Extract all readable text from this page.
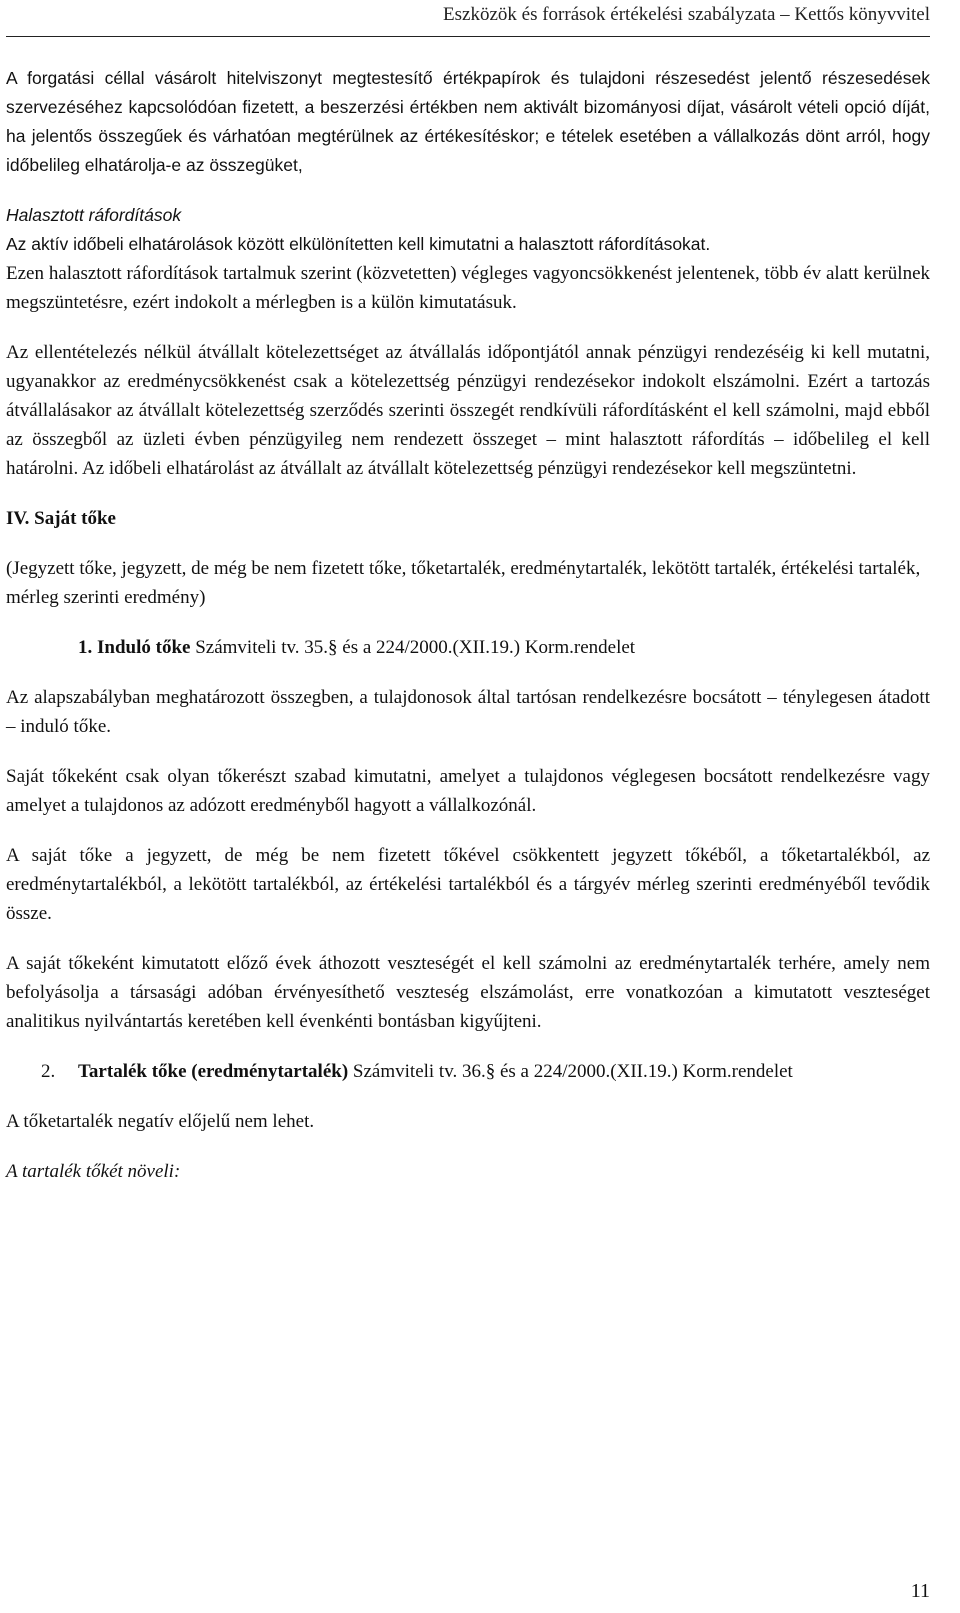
Eszközök és források értékelési szabályzata – Kettős könyvvitel

A forgatási céllal vásárolt hitelviszonyt megtestesítő értékpapírok és tulajdoni részesedést jelentő részesedések szervezéséhez kapcsolódóan fizetett, a beszerzési értékben nem aktivált bizományosi díjat, vásárolt vételi opció díját, ha jelentős összegűek és várhatóan megtérülnek az értékesítéskor; e tételek esetében a vállalkozás dönt arról, hogy időbelileg elhatárolja-e az összegüket,

Halasztott ráfordítások

Az aktív időbeli elhatárolások között elkülönítetten kell kimutatni a halasztott ráfordításokat.

Ezen halasztott ráfordítások tartalmuk szerint (közvetetten) végleges vagyoncsökkenést jelentenek, több év alatt kerülnek megszüntetésre, ezért indokolt a mérlegben is a külön kimutatásuk.

Az ellentételezés nélkül átvállalt kötelezettséget az átvállalás időpontjától annak pénzügyi rendezéséig ki kell mutatni, ugyanakkor az eredménycsökkenést csak a kötelezettség pénzügyi rendezésekor indokolt elszámolni. Ezért a tartozás átvállalásakor az átvállalt kötelezettség szerződés szerinti összegét rendkívüli ráfordításként el kell számolni, majd ebből az összegből az üzleti évben pénzügyileg nem rendezett összeget – mint halasztott ráfordítás – időbelileg el kell határolni. Az időbeli elhatárolást az átvállalt az átvállalt kötelezettség pénzügyi rendezésekor kell megszüntetni.

IV. Saját tőke

(Jegyzett tőke, jegyzett, de még be nem fizetett tőke, tőketartalék, eredménytartalék, lekötött tartalék, értékelési tartalék, mérleg szerinti eredmény)

1. Induló tőke Számviteli tv. 35.§ és a 224/2000.(XII.19.) Korm.rendelet

Az alapszabályban meghatározott összegben, a tulajdonosok által tartósan rendelkezésre bocsátott – ténylegesen átadott – induló tőke.

Saját tőkeként csak olyan tőkerészt szabad kimutatni, amelyet a tulajdonos véglegesen bocsátott rendelkezésre vagy amelyet a tulajdonos az adózott eredményből hagyott a vállalkozónál.

A saját tőke a jegyzett, de még be nem fizetett tőkével csökkentett jegyzett tőkéből, a tőketartalékból, az eredménytartalékból, a lekötött tartalékból, az értékelési tartalékból és a tárgyév mérleg szerinti eredményéből tevődik össze.

A saját tőkeként kimutatott előző évek áthozott veszteségét el kell számolni az eredménytartalék terhére, amely nem befolyásolja a társasági adóban érvényesíthető veszteség elszámolást, erre vonatkozóan a kimutatott veszteséget analitikus nyilvántartás keretében kell évenkénti bontásban kigyűjteni.

2. Tartalék tőke (eredménytartalék) Számviteli tv. 36.§ és a 224/2000.(XII.19.) Korm.rendelet

A tőketartalék negatív előjelű nem lehet.

A tartalék tőkét növeli:

11
